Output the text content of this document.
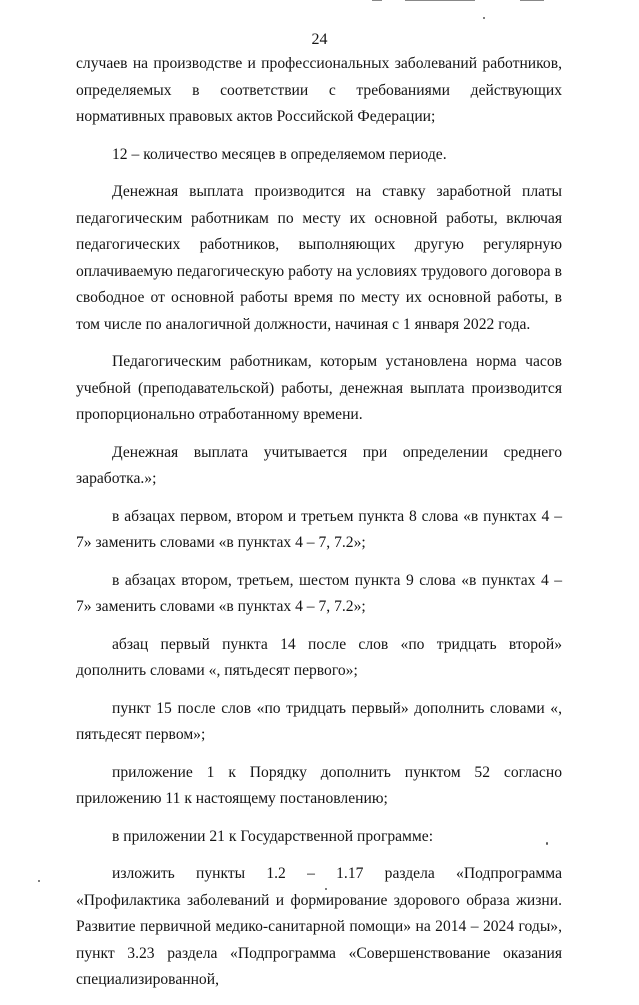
24

случаев на производстве и профессиональных заболеваний работников, определяемых в соответствии с требованиями действующих нормативных правовых актов Российской Федерации;

12 – количество месяцев в определяемом периоде.

Денежная выплата производится на ставку заработной платы педагогическим работникам по месту их основной работы, включая педагогических работников, выполняющих другую регулярную оплачиваемую педагогическую работу на условиях трудового договора в свободное от основной работы время по месту их основной работы, в том числе по аналогичной должности, начиная с 1 января 2022 года.

Педагогическим работникам, которым установлена норма часов учебной (преподавательской) работы, денежная выплата производится пропорционально отработанному времени.

Денежная выплата учитывается при определении среднего заработка.»;

в абзацах первом, втором и третьем пункта 8 слова «в пунктах 4 – 7» заменить словами «в пунктах 4 – 7, 7.2»;

в абзацах втором, третьем, шестом пункта 9 слова «в пунктах 4 – 7» заменить словами «в пунктах 4 – 7, 7.2»;

абзац первый пункта 14 после слов «по тридцать второй» дополнить словами «, пятьдесят первого»;

пункт 15 после слов «по тридцать первый» дополнить словами «, пятьдесят первом»;

приложение 1 к Порядку дополнить пунктом 52 согласно приложению 11 к настоящему постановлению;

в приложении 21 к Государственной программе:

изложить пункты 1.2 – 1.17 раздела «Подпрограмма «Профилактика заболеваний и формирование здорового образа жизни. Развитие первичной медико-санитарной помощи» на 2014 – 2024 годы», пункт 3.23 раздела «Подпрограмма «Совершенствование оказания специализированной,
